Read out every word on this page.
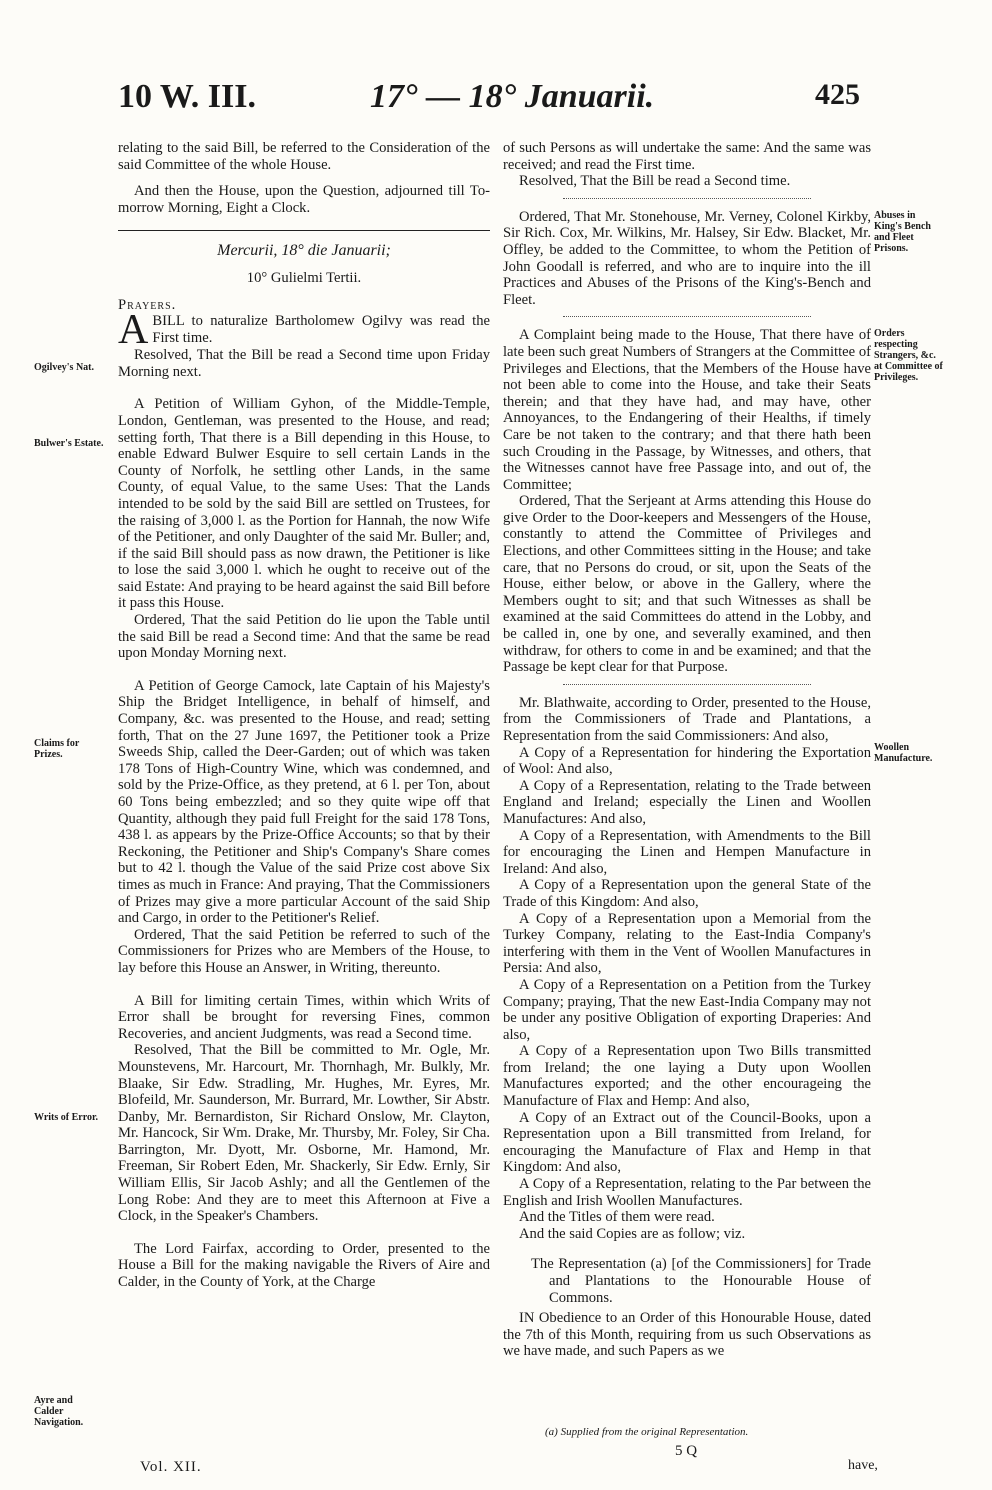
10 W. III.	17° — 18° Januarii.	425

relating to the said Bill, be referred to the Consideration of the said Committee of the whole House.

And then the House, upon the Question, adjourned till To-morrow Morning, Eight a Clock.

Mercurii, 18° die Januarii;

10° Gulielmi Tertii.

Prayers.

ABILL to naturalize Bartholomew Ogilvy was read the First time.

Resolved, That the Bill be read a Second time upon Friday Morning next.

A Petition of William Gyhon, of the Middle-Temple, London, Gentleman, was presented to the House, and read; setting forth, That there is a Bill depending in this House, to enable Edward Bulwer Esquire to sell certain Lands in the County of Norfolk, he settling other Lands, in the same County, of equal Value, to the same Uses: That the Lands intended to be sold by the said Bill are settled on Trustees, for the raising of 3,000 l. as the Portion for Hannah, the now Wife of the Petitioner, and only Daughter of the said Mr. Buller; and, if the said Bill should pass as now drawn, the Petitioner is like to lose the said 3,000 l. which he ought to receive out of the said Estate: And praying to be heard against the said Bill before it pass this House.

Ordered, That the said Petition do lie upon the Table until the said Bill be read a Second time: And that the same be read upon Monday Morning next.

A Petition of George Camock, late Captain of his Majesty's Ship the Bridget Intelligence, in behalf of himself, and Company, &c. was presented to the House, and read; setting forth, That on the 27 June 1697, the Petitioner took a Prize Sweeds Ship, called the Deer-Garden; out of which was taken 178 Tons of High-Country Wine, which was condemned, and sold by the Prize-Office, as they pretend, at 6 l. per Ton, about 60 Tons being embezzled; and so they quite wipe off that Quantity, although they paid full Freight for the said 178 Tons, 438 l. as appears by the Prize-Office Accounts; so that by their Reckoning, the Petitioner and Ship's Company's Share comes but to 42 l. though the Value of the said Prize cost above Six times as much in France: And praying, That the Commissioners of Prizes may give a more particular Account of the said Ship and Cargo, in order to the Petitioner's Relief.

Ordered, That the said Petition be referred to such of the Commissioners for Prizes who are Members of the House, to lay before this House an Answer, in Writing, thereunto.

A Bill for limiting certain Times, within which Writs of Error shall be brought for reversing Fines, common Recoveries, and ancient Judgments, was read a Second time.

Resolved, That the Bill be committed to Mr. Ogle, Mr. Mounstevens, Mr. Harcourt, Mr. Thornhagh, Mr. Bulkly, Mr. Blaake, Sir Edw. Stradling, Mr. Hughes, Mr. Eyres, Mr. Blofeild, Mr. Saunderson, Mr. Burrard, Mr. Lowther, Sir Abstr. Danby, Mr. Bernardiston, Sir Richard Onslow, Mr. Clayton, Mr. Hancock, Sir Wm. Drake, Mr. Thursby, Mr. Foley, Sir Cha. Barrington, Mr. Dyott, Mr. Osborne, Mr. Hamond, Mr. Freeman, Sir Robert Eden, Mr. Shackerly, Sir Edw. Ernly, Sir William Ellis, Sir Jacob Ashly; and all the Gentlemen of the Long Robe: And they are to meet this Afternoon at Five a Clock, in the Speaker's Chambers.

The Lord Fairfax, according to Order, presented to the House a Bill for the making navigable the Rivers of Aire and Calder, in the County of York, at the Charge

of such Persons as will undertake the same: And the same was received; and read the First time.

Resolved, That the Bill be read a Second time.

Ordered, That Mr. Stonehouse, Mr. Verney, Colonel Kirkby, Sir Rich. Cox, Mr. Wilkins, Mr. Halsey, Sir Edw. Blacket, Mr. Offley, be added to the Committee, to whom the Petition of John Goodall is referred, and who are to inquire into the ill Practices and Abuses of the Prisons of the King's-Bench and Fleet.

A Complaint being made to the House, That there have of late been such great Numbers of Strangers at the Committee of Privileges and Elections, that the Members of the House have not been able to come into the House, and take their Seats therein; and that they have had, and may have, other Annoyances, to the Endangering of their Healths, if timely Care be not taken to the contrary; and that there hath been such Crouding in the Passage, by Witnesses, and others, that the Witnesses cannot have free Passage into, and out of, the Committee;

Ordered, That the Serjeant at Arms attending this House do give Order to the Door-keepers and Messengers of the House, constantly to attend the Committee of Privileges and Elections, and other Committees sitting in the House; and take care, that no Persons do croud, or sit, upon the Seats of the House, either below, or above in the Gallery, where the Members ought to sit; and that such Witnesses as shall be examined at the said Committees do attend in the Lobby, and be called in, one by one, and severally examined, and then withdraw, for others to come in and be examined; and that the Passage be kept clear for that Purpose.

Mr. Blathwaite, according to Order, presented to the House, from the Commissioners of Trade and Plantations, a Representation from the said Commissioners: And also,

A Copy of a Representation for hindering the Exportation of Wool: And also,

A Copy of a Representation, relating to the Trade between England and Ireland; especially the Linen and Woollen Manufactures: And also,

A Copy of a Representation, with Amendments to the Bill for encouraging the Linen and Hempen Manufacture in Ireland: And also,

A Copy of a Representation upon the general State of the Trade of this Kingdom: And also,

A Copy of a Representation upon a Memorial from the Turkey Company, relating to the East-India Company's interfering with them in the Vent of Woollen Manufactures in Persia: And also,

A Copy of a Representation on a Petition from the Turkey Company; praying, That the new East-India Company may not be under any positive Obligation of exporting Draperies: And also,

A Copy of a Representation upon Two Bills transmitted from Ireland; the one laying a Duty upon Woollen Manufactures exported; and the other encourageing the Manufacture of Flax and Hemp: And also,

A Copy of an Extract out of the Council-Books, upon a Representation upon a Bill transmitted from Ireland, for encouraging the Manufacture of Flax and Hemp in that Kingdom: And also,

A Copy of a Representation, relating to the Par between the English and Irish Woollen Manufactures.

And the Titles of them were read.

And the said Copies are as follow; viz.

The Representation (a) [of the Commissioners] for Trade and Plantations to the Honourable House of Commons.

IN Obedience to an Order of this Honourable House, dated the 7th of this Month, requiring from us such Observations as we have made, and such Papers as we

Ogilvey's Nat.
Bulwer's Estate.
Claims for Prizes.
Writs of Error.
Ayre and Calder Navigation.
Abuses in King's Bench and Fleet Prisons.
Orders respecting Strangers, &c. at Committee of Privileges.
Woollen Manufacture.
(a) Supplied from the original Representation.
Vol. XII.
5 Q
have,
